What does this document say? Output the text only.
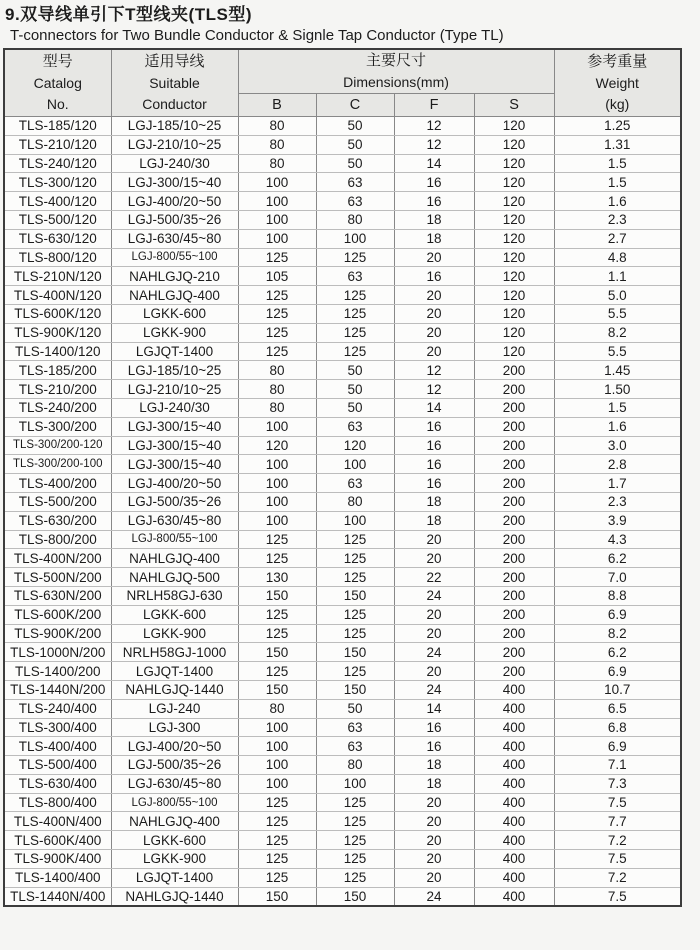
9.双导线单引下T型线夹(TLS型)
T-connectors for Two Bundle Conductor & Signle Tap Conductor (Type TL)
型号
Catalog
No.

适用导线
Suitable
Conductor

主要尺寸
Dimensions(mm)

参考重量
Weight
(kg)

		B	C	F	S	
TLS-185/120	LGJ-185/10~25	80	50	12	120	1.25
TLS-210/120	LGJ-210/10~25	80	50	12	120	1.31
TLS-240/120	LGJ-240/30	80	50	14	120	1.5
TLS-300/120	LGJ-300/15~40	100	63	16	120	1.5
TLS-400/120	LGJ-400/20~50	100	63	16	120	1.6
TLS-500/120	LGJ-500/35~26	100	80	18	120	2.3
TLS-630/120	LGJ-630/45~80	100	100	18	120	2.7
TLS-800/120	LGJ-800/55~100	125	125	20	120	4.8
TLS-210N/120	NAHLGJQ-210	105	63	16	120	1.1
TLS-400N/120	NAHLGJQ-400	125	125	20	120	5.0
TLS-600K/120	LGKK-600	125	125	20	120	5.5
TLS-900K/120	LGKK-900	125	125	20	120	8.2
TLS-1400/120	LGJQT-1400	125	125	20	120	5.5
TLS-185/200	LGJ-185/10~25	80	50	12	200	1.45
TLS-210/200	LGJ-210/10~25	80	50	12	200	1.50
TLS-240/200	LGJ-240/30	80	50	14	200	1.5
TLS-300/200	LGJ-300/15~40	100	63	16	200	1.6
TLS-300/200-120	LGJ-300/15~40	120	120	16	200	3.0
TLS-300/200-100	LGJ-300/15~40	100	100	16	200	2.8
TLS-400/200	LGJ-400/20~50	100	63	16	200	1.7
TLS-500/200	LGJ-500/35~26	100	80	18	200	2.3
TLS-630/200	LGJ-630/45~80	100	100	18	200	3.9
TLS-800/200	LGJ-800/55~100	125	125	20	200	4.3
TLS-400N/200	NAHLGJQ-400	125	125	20	200	6.2
TLS-500N/200	NAHLGJQ-500	130	125	22	200	7.0
TLS-630N/200	NRLH58GJ-630	150	150	24	200	8.8
TLS-600K/200	LGKK-600	125	125	20	200	6.9
TLS-900K/200	LGKK-900	125	125	20	200	8.2
TLS-1000N/200	NRLH58GJ-1000	150	150	24	200	6.2
TLS-1400/200	LGJQT-1400	125	125	20	200	6.9
TLS-1440N/200	NAHLGJQ-1440	150	150	24	400	10.7
TLS-240/400	LGJ-240	80	50	14	400	6.5
TLS-300/400	LGJ-300	100	63	16	400	6.8
TLS-400/400	LGJ-400/20~50	100	63	16	400	6.9
TLS-500/400	LGJ-500/35~26	100	80	18	400	7.1
TLS-630/400	LGJ-630/45~80	100	100	18	400	7.3
TLS-800/400	LGJ-800/55~100	125	125	20	400	7.5
TLS-400N/400	NAHLGJQ-400	125	125	20	400	7.7
TLS-600K/400	LGKK-600	125	125	20	400	7.2
TLS-900K/400	LGKK-900	125	125	20	400	7.5
TLS-1400/400	LGJQT-1400	125	125	20	400	7.2
TLS-1440N/400	NAHLGJQ-1440	150	150	24	400	7.5
